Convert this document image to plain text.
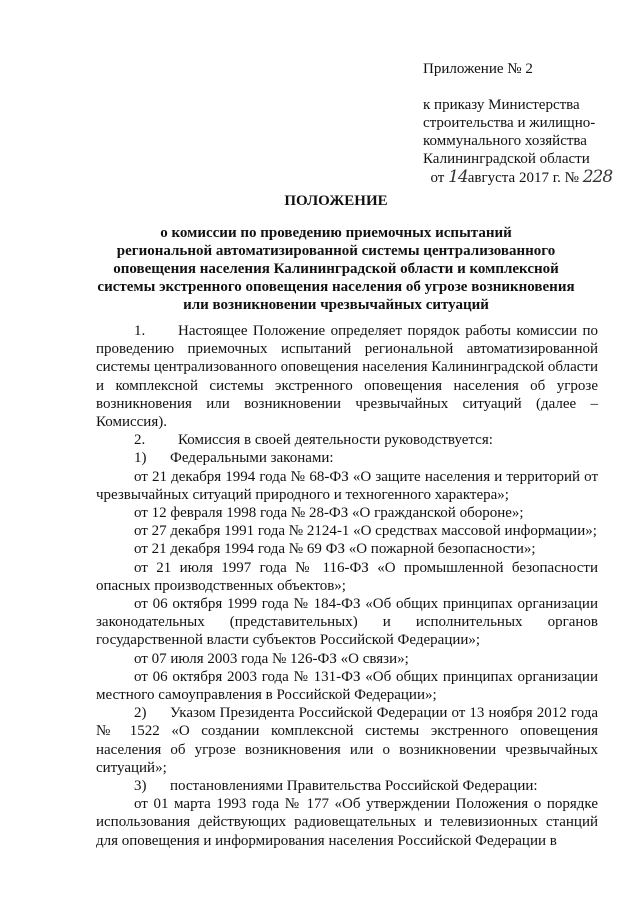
Приложение № 2
к приказу Министерства
строительства и жилищно-
коммунального хозяйства
Калининградской области
от 14августа 2017 г. № 228
ПОЛОЖЕНИЕ
о комиссии по проведению приемочных испытаний
региональной автоматизированной системы централизованного
оповещения населения Калининградской области и комплексной
системы экстренного оповещения населения об угрозе возникновения
или возникновении чрезвычайных ситуаций

1. Настоящее Положение определяет порядок работы комиссии по проведению приемочных испытаний региональной автоматизированной системы централизованного оповещения населения Калининградской области и комплексной системы экстренного оповещения населения об угрозе возникновения или возникновении чрезвычайных ситуаций (далее – Комиссия).

2. Комиссия в своей деятельности руководствуется:

1) Федеральными законами:

от 21 декабря 1994 года № 68-ФЗ «О защите населения и территорий от чрезвычайных ситуаций природного и техногенного характера»;

от 12 февраля 1998 года № 28-ФЗ «О гражданской обороне»;

от 27 декабря 1991 года № 2124-1 «О средствах массовой информации»;

от 21 декабря 1994 года № 69 ФЗ «О пожарной безопасности»;

от 21 июля 1997 года № 116-ФЗ «О промышленной безопасности опасных производственных объектов»;

от 06 октября 1999 года № 184-ФЗ «Об общих принципах организации законодательных (представительных) и исполнительных органов государственной власти субъектов Российской Федерации»;

от 07 июля 2003 года № 126-ФЗ «О связи»;

от 06 октября 2003 года № 131-ФЗ «Об общих принципах организации местного самоуправления в Российской Федерации»;

2) Указом Президента Российской Федерации от 13 ноября 2012 года № 1522 «О создании комплексной системы экстренного оповещения населения об угрозе возникновения или о возникновении чрезвычайных ситуаций»;

3) постановлениями Правительства Российской Федерации:

от 01 марта 1993 года № 177 «Об утверждении Положения о порядке использования действующих радиовещательных и телевизионных станций для оповещения и информирования населения Российской Федерации в
